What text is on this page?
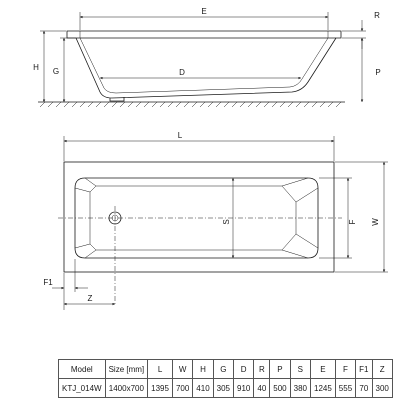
E
D
H G
R
P
L
S	F W
F1
Z
Model	Size [mm]	L	W	H	G	D	R	P	S	E	F	F1	Z
KTJ_014W	1400x700	1395	700	410	305	910	40	500	380	1245	555	70	300
